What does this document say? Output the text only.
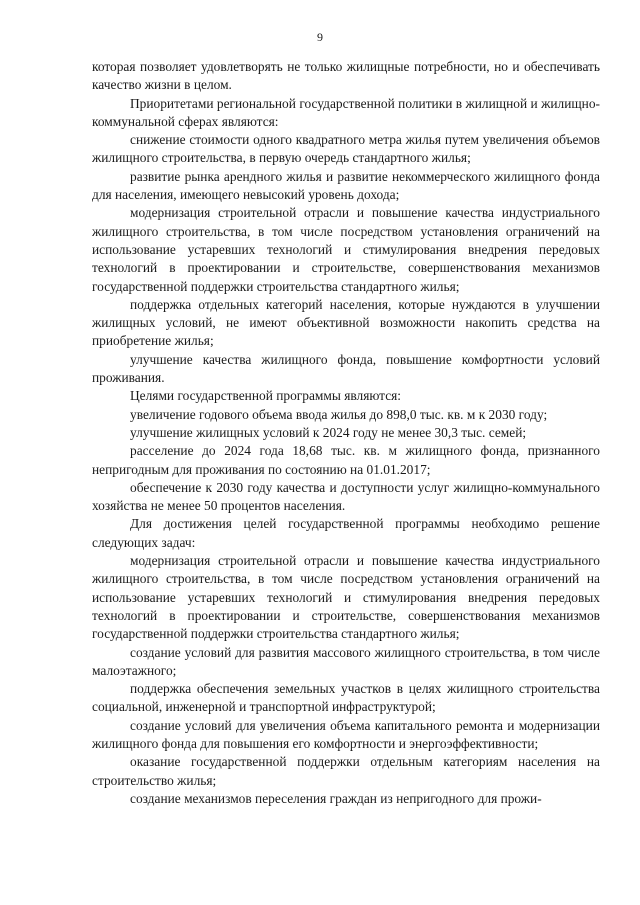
9

которая позволяет удовлетворять не только жилищные потребности, но и обеспечивать качество жизни в целом.

Приоритетами региональной государственной политики в жилищной и жилищно-коммунальной сферах являются:

снижение стоимости одного квадратного метра жилья путем увеличения объемов жилищного строительства, в первую очередь стандартного жилья;

развитие рынка арендного жилья и развитие некоммерческого жилищного фонда для населения, имеющего невысокий уровень дохода;

модернизация строительной отрасли и повышение качества индустриального жилищного строительства, в том числе посредством установления ограничений на использование устаревших технологий и стимулирования внедрения передовых технологий в проектировании и строительстве, совершенствования механизмов государственной поддержки строительства стандартного жилья;

поддержка отдельных категорий населения, которые нуждаются в улучшении жилищных условий, не имеют объективной возможности накопить средства на приобретение жилья;

улучшение качества жилищного фонда, повышение комфортности условий проживания.

Целями государственной программы являются:

увеличение годового объема ввода жилья до 898,0 тыс. кв. м к 2030 году;

улучшение жилищных условий к 2024 году не менее 30,3 тыс. семей;

расселение до 2024 года 18,68 тыс. кв. м жилищного фонда, признанного непригодным для проживания по состоянию на 01.01.2017;

обеспечение к 2030 году качества и доступности услуг жилищно-коммунального хозяйства не менее 50 процентов населения.

Для достижения целей государственной программы необходимо решение следующих задач:

модернизация строительной отрасли и повышение качества индустриального жилищного строительства, в том числе посредством установления ограничений на использование устаревших технологий и стимулирования внедрения передовых технологий в проектировании и строительстве, совершенствования механизмов государственной поддержки строительства стандартного жилья;

создание условий для развития массового жилищного строительства, в том числе малоэтажного;

поддержка обеспечения земельных участков в целях жилищного строительства социальной, инженерной и транспортной инфраструктурой;

создание условий для увеличения объема капитального ремонта и модернизации жилищного фонда для повышения его комфортности и энергоэффективности;

оказание государственной поддержки отдельным категориям населения на строительство жилья;

создание механизмов переселения граждан из непригодного для прожи-
